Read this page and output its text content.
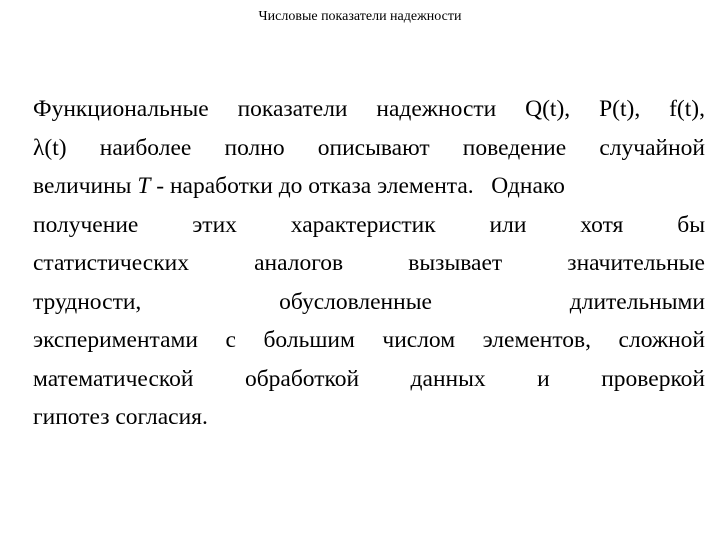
Числовые показатели надежности
Функциональные показатели надежности Q(t), P(t), f(t),
λ(t) наиболее полно описывают поведение случайной
величины T - наработки до отказа элемента.   Однако
получение этих характеристик или хотя бы
статистических аналогов вызывает значительные
трудности, обусловленные длительными
экспериментами с большим числом элементов, сложной
математической обработкой данных и проверкой
гипотез согласия.
